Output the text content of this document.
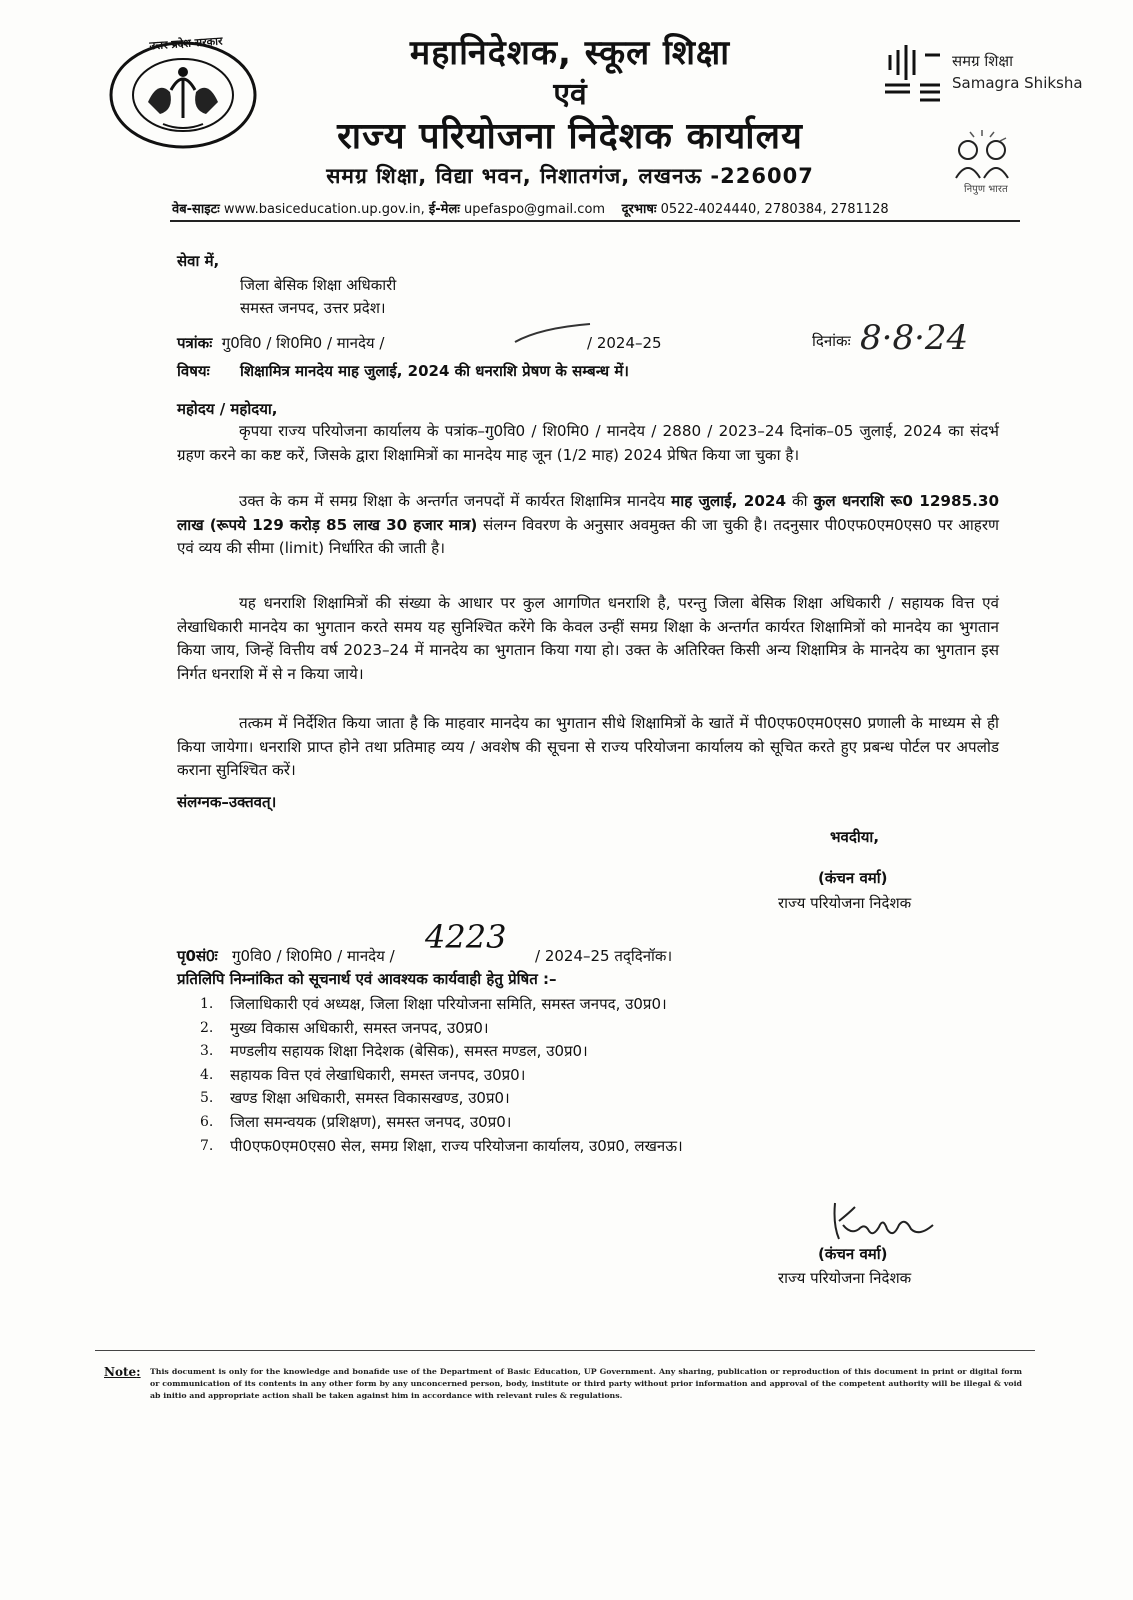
उत्तर प्रदेश सरकार	महानिदेशक, स्कूल शिक्षा
एवं
राज्य परियोजना निदेशक कार्यालय
समग्र शिक्षा, विद्या भवन, निशातगंज, लखनऊ -226007
समग्र शिक्षा
Samagra Shiksha
निपुण भारत
वेब-साइटः www.basiceducation.up.gov.in, ई-मेलः upefaspo@gmail.com दूरभाषः 0522-4024440, 2780384, 2781128
सेवा में,
जिला बेसिक शिक्षा अधिकारी
समस्त जनपद, उत्तर प्रदेश।
पत्रांकः गु0वि0 / शि0मि0 / मानदेय /	/ 2024–25	दिनांकः 8·8·24
विषयः शिक्षामित्र मानदेय माह जुलाई, 2024 की धनराशि प्रेषण के सम्बन्ध में।
महोदय / महोदया,
कृपया राज्य परियोजना कार्यालय के पत्रांक–गु0वि0 / शि0मि0 / मानदेय / 2880 / 2023–24 दिनांक–05 जुलाई, 2024 का संदर्भ ग्रहण करने का कष्ट करें, जिसके द्वारा शिक्षामित्रों का मानदेय माह जून (1/2 माह) 2024 प्रेषित किया जा चुका है।
उक्त के कम में समग्र शिक्षा के अन्तर्गत जनपदों में कार्यरत शिक्षामित्र मानदेय माह जुलाई, 2024 की कुल धनराशि रू0 12985.30 लाख (रूपये 129 करोड़ 85 लाख 30 हजार मात्र) संलग्न विवरण के अनुसार अवमुक्त की जा चुकी है। तदनुसार पी0एफ0एम0एस0 पर आहरण एवं व्यय की सीमा (limit) निर्धारित की जाती है।
यह धनराशि शिक्षामित्रों की संख्या के आधार पर कुल आगणित धनराशि है, परन्तु जिला बेसिक शिक्षा अधिकारी / सहायक वित्त एवं लेखाधिकारी मानदेय का भुगतान करते समय यह सुनिश्चित करेंगे कि केवल उन्हीं समग्र शिक्षा के अन्तर्गत कार्यरत शिक्षामित्रों को मानदेय का भुगतान किया जाय, जिन्हें वित्तीय वर्ष 2023–24 में मानदेय का भुगतान किया गया हो। उक्त के अतिरिक्त किसी अन्य शिक्षामित्र के मानदेय का भुगतान इस निर्गत धनराशि में से न किया जाये।
तत्कम में निर्देशित किया जाता है कि माहवार मानदेय का भुगतान सीधे शिक्षामित्रों के खातें में पी0एफ0एम0एस0 प्रणाली के माध्यम से ही किया जायेगा। धनराशि प्राप्त होने तथा प्रतिमाह व्यय / अवशेष की सूचना से राज्य परियोजना कार्यालय को सूचित करते हुए प्रबन्ध पोर्टल पर अपलोड कराना सुनिश्चित करें।
संलग्नक–उक्तवत्।
भवदीया,
(कंचन वर्मा)
राज्य परियोजना निदेशक
पृ0सं0ः गु0वि0 / शि0मि0 / मानदेय / 4223 / 2024–25 तद्‌दिनॉक।
प्रतिलिपि निम्नांकित को सूचनार्थ एवं आवश्यक कार्यवाही हेतु प्रेषित :–
1. जिलाधिकारी एवं अध्यक्ष, जिला शिक्षा परियोजना समिति, समस्त जनपद, उ0प्र0।
2. मुख्य विकास अधिकारी, समस्त जनपद, उ0प्र0।
3. मण्डलीय सहायक शिक्षा निदेशक (बेसिक), समस्त मण्डल, उ0प्र0।
4. सहायक वित्त एवं लेखाधिकारी, समस्त जनपद, उ0प्र0।
5. खण्ड शिक्षा अधिकारी, समस्त विकासखण्ड, उ0प्र0।
6. जिला समन्वयक (प्रशिक्षण), समस्त जनपद, उ0प्र0।
7. पी0एफ0एम0एस0 सेल, समग्र शिक्षा, राज्य परियोजना कार्यालय, उ0प्र0, लखनऊ।
(कंचन वर्मा)
राज्य परियोजना निदेशक
Note: This document is only for the knowledge and bonafide use of the Department of Basic Education, UP Government. Any sharing, publication or reproduction of this document in print or digital form or communication of its contents in any other form by any unconcerned person, body, institute or third party without prior information and approval of the competent authority will be illegal & void ab initio and appropriate action shall be taken against him in accordance with relevant rules & regulations.
